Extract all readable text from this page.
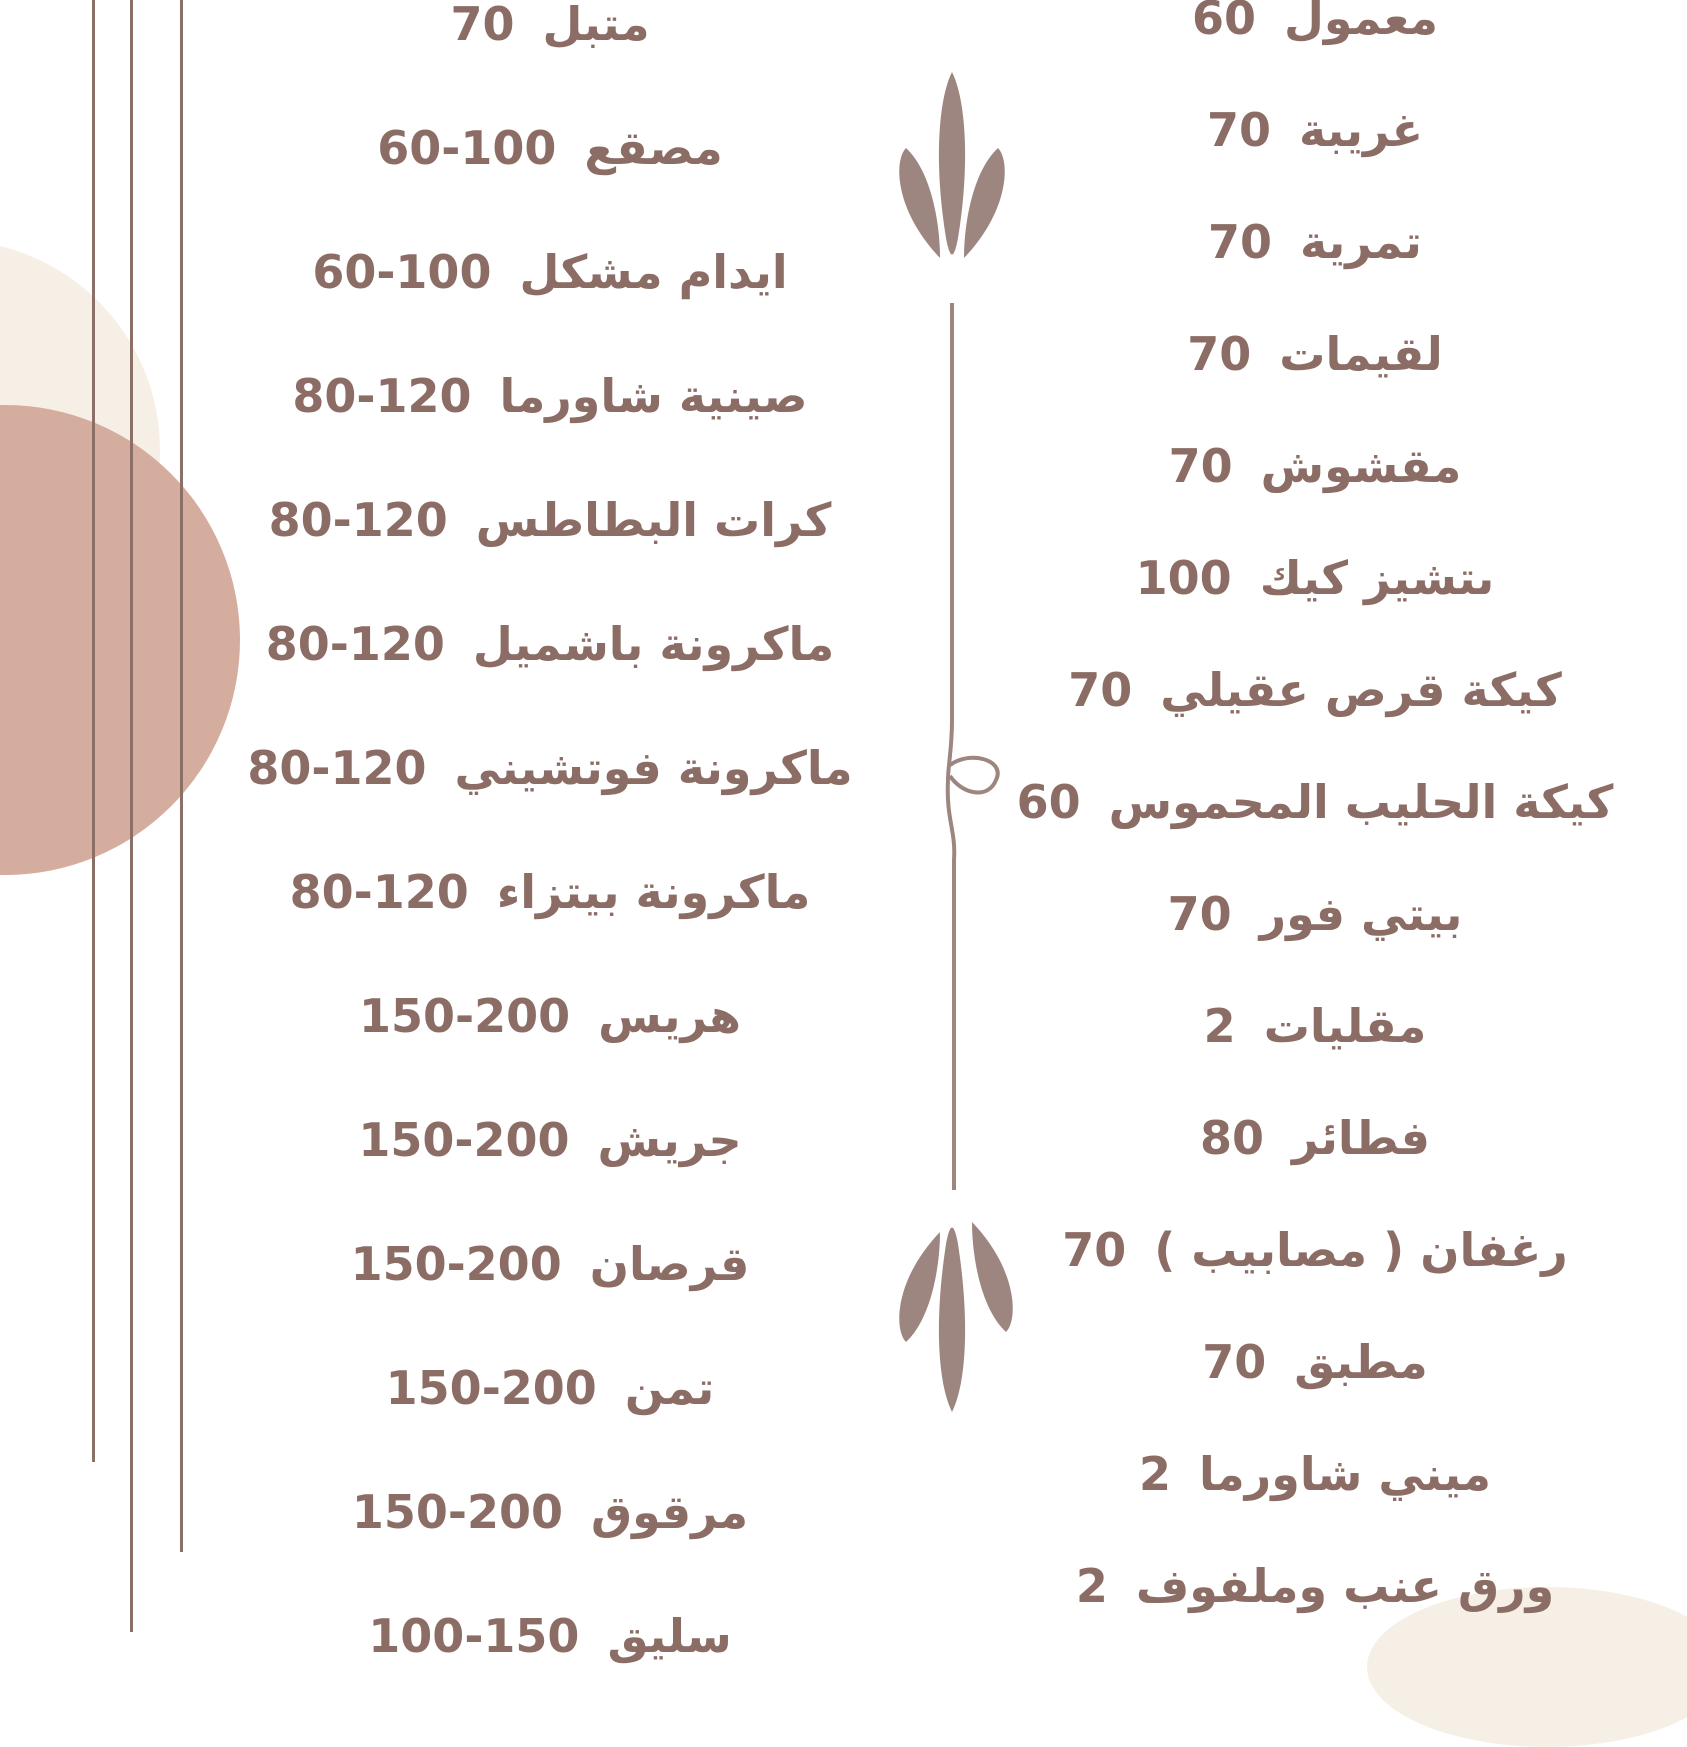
معمول60
غريبة70
تمرية70
لقيمات70
مقشوش70
ىتشيز كيك100
كيكة قرص عقيلي70
كيكة الحليب المحموس60
بيتي فور70
مقليات2
فطائر80
رغفان ( مصابيب )70
مطبق70
ميني شاورما2
ورق عنب وملفوف2
متبل70
مصقع60-100
ايدام مشكل60-100
صينية شاورما80-120
كرات البطاطس80-120
ماكرونة باشميل80-120
ماكرونة فوتشيني80-120
ماكرونة بيتزاء80-120
هريس150-200
جريش150-200
قرصان150-200
تمن150-200
مرقوق150-200
سليق100-150
